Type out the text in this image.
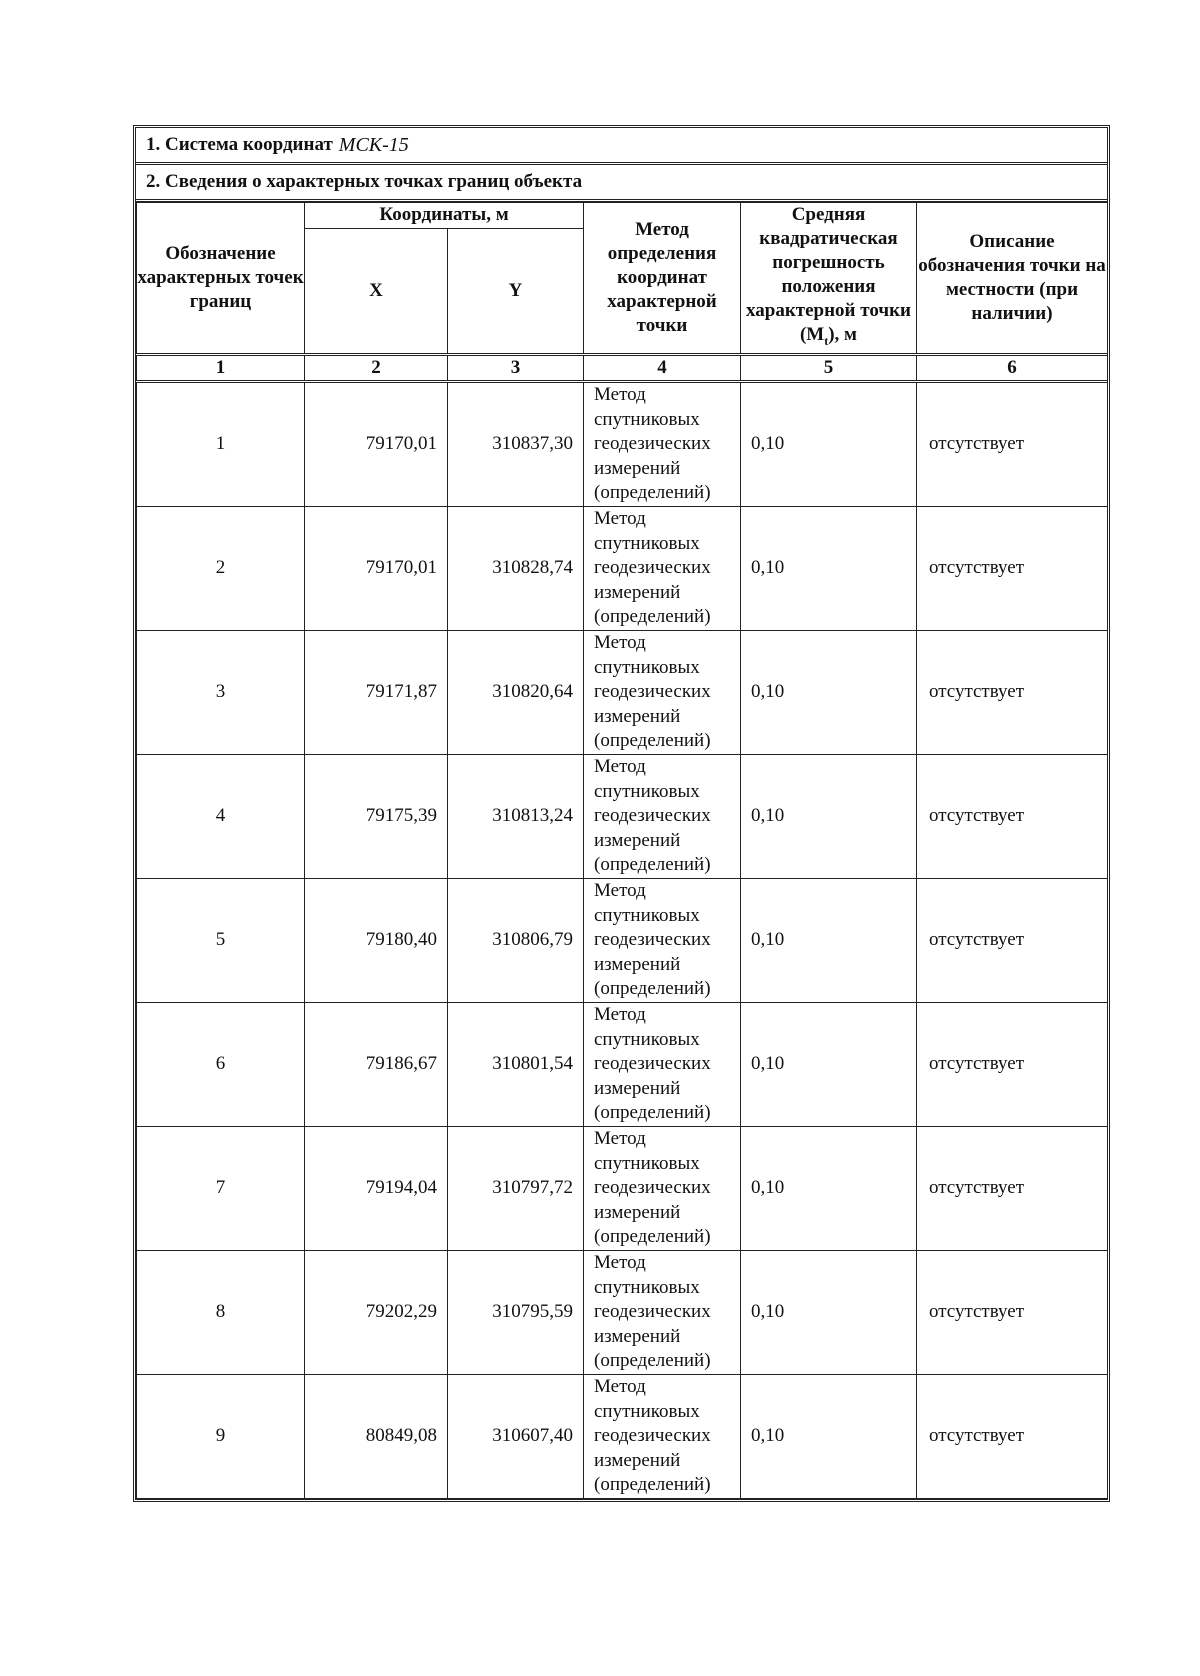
1. Система координат МСК-15
2. Сведения о характерных точках границ объекта
Обозначение характерных точек границ	Координаты, м		Метод определения координат характерной точки	Средняя квадратическая погрешность положения характерной точки $(M_t)$, м	Описание обозначения точки на местности (при наличии)
	X	Y			
1	2	3	4	5	6
1	79170,01	310837,30	Метод спутниковых геодезических измерений (определений)	0,10	отсутствует
2	79170,01	310828,74	Метод спутниковых геодезических измерений (определений)	0,10	отсутствует
3	79171,87	310820,64	Метод спутниковых геодезических измерений (определений)	0,10	отсутствует
4	79175,39	310813,24	Метод спутниковых геодезических измерений (определений)	0,10	отсутствует
5	79180,40	310806,79	Метод спутниковых геодезических измерений (определений)	0,10	отсутствует
6	79186,67	310801,54	Метод спутниковых геодезических измерений (определений)	0,10	отсутствует
7	79194,04	310797,72	Метод спутниковых геодезических измерений (определений)	0,10	отсутствует
8	79202,29	310795,59	Метод спутниковых геодезических измерений (определений)	0,10	отсутствует
9	80849,08	310607,40	Метод спутниковых геодезических измерений (определений)	0,10	отсутствует
